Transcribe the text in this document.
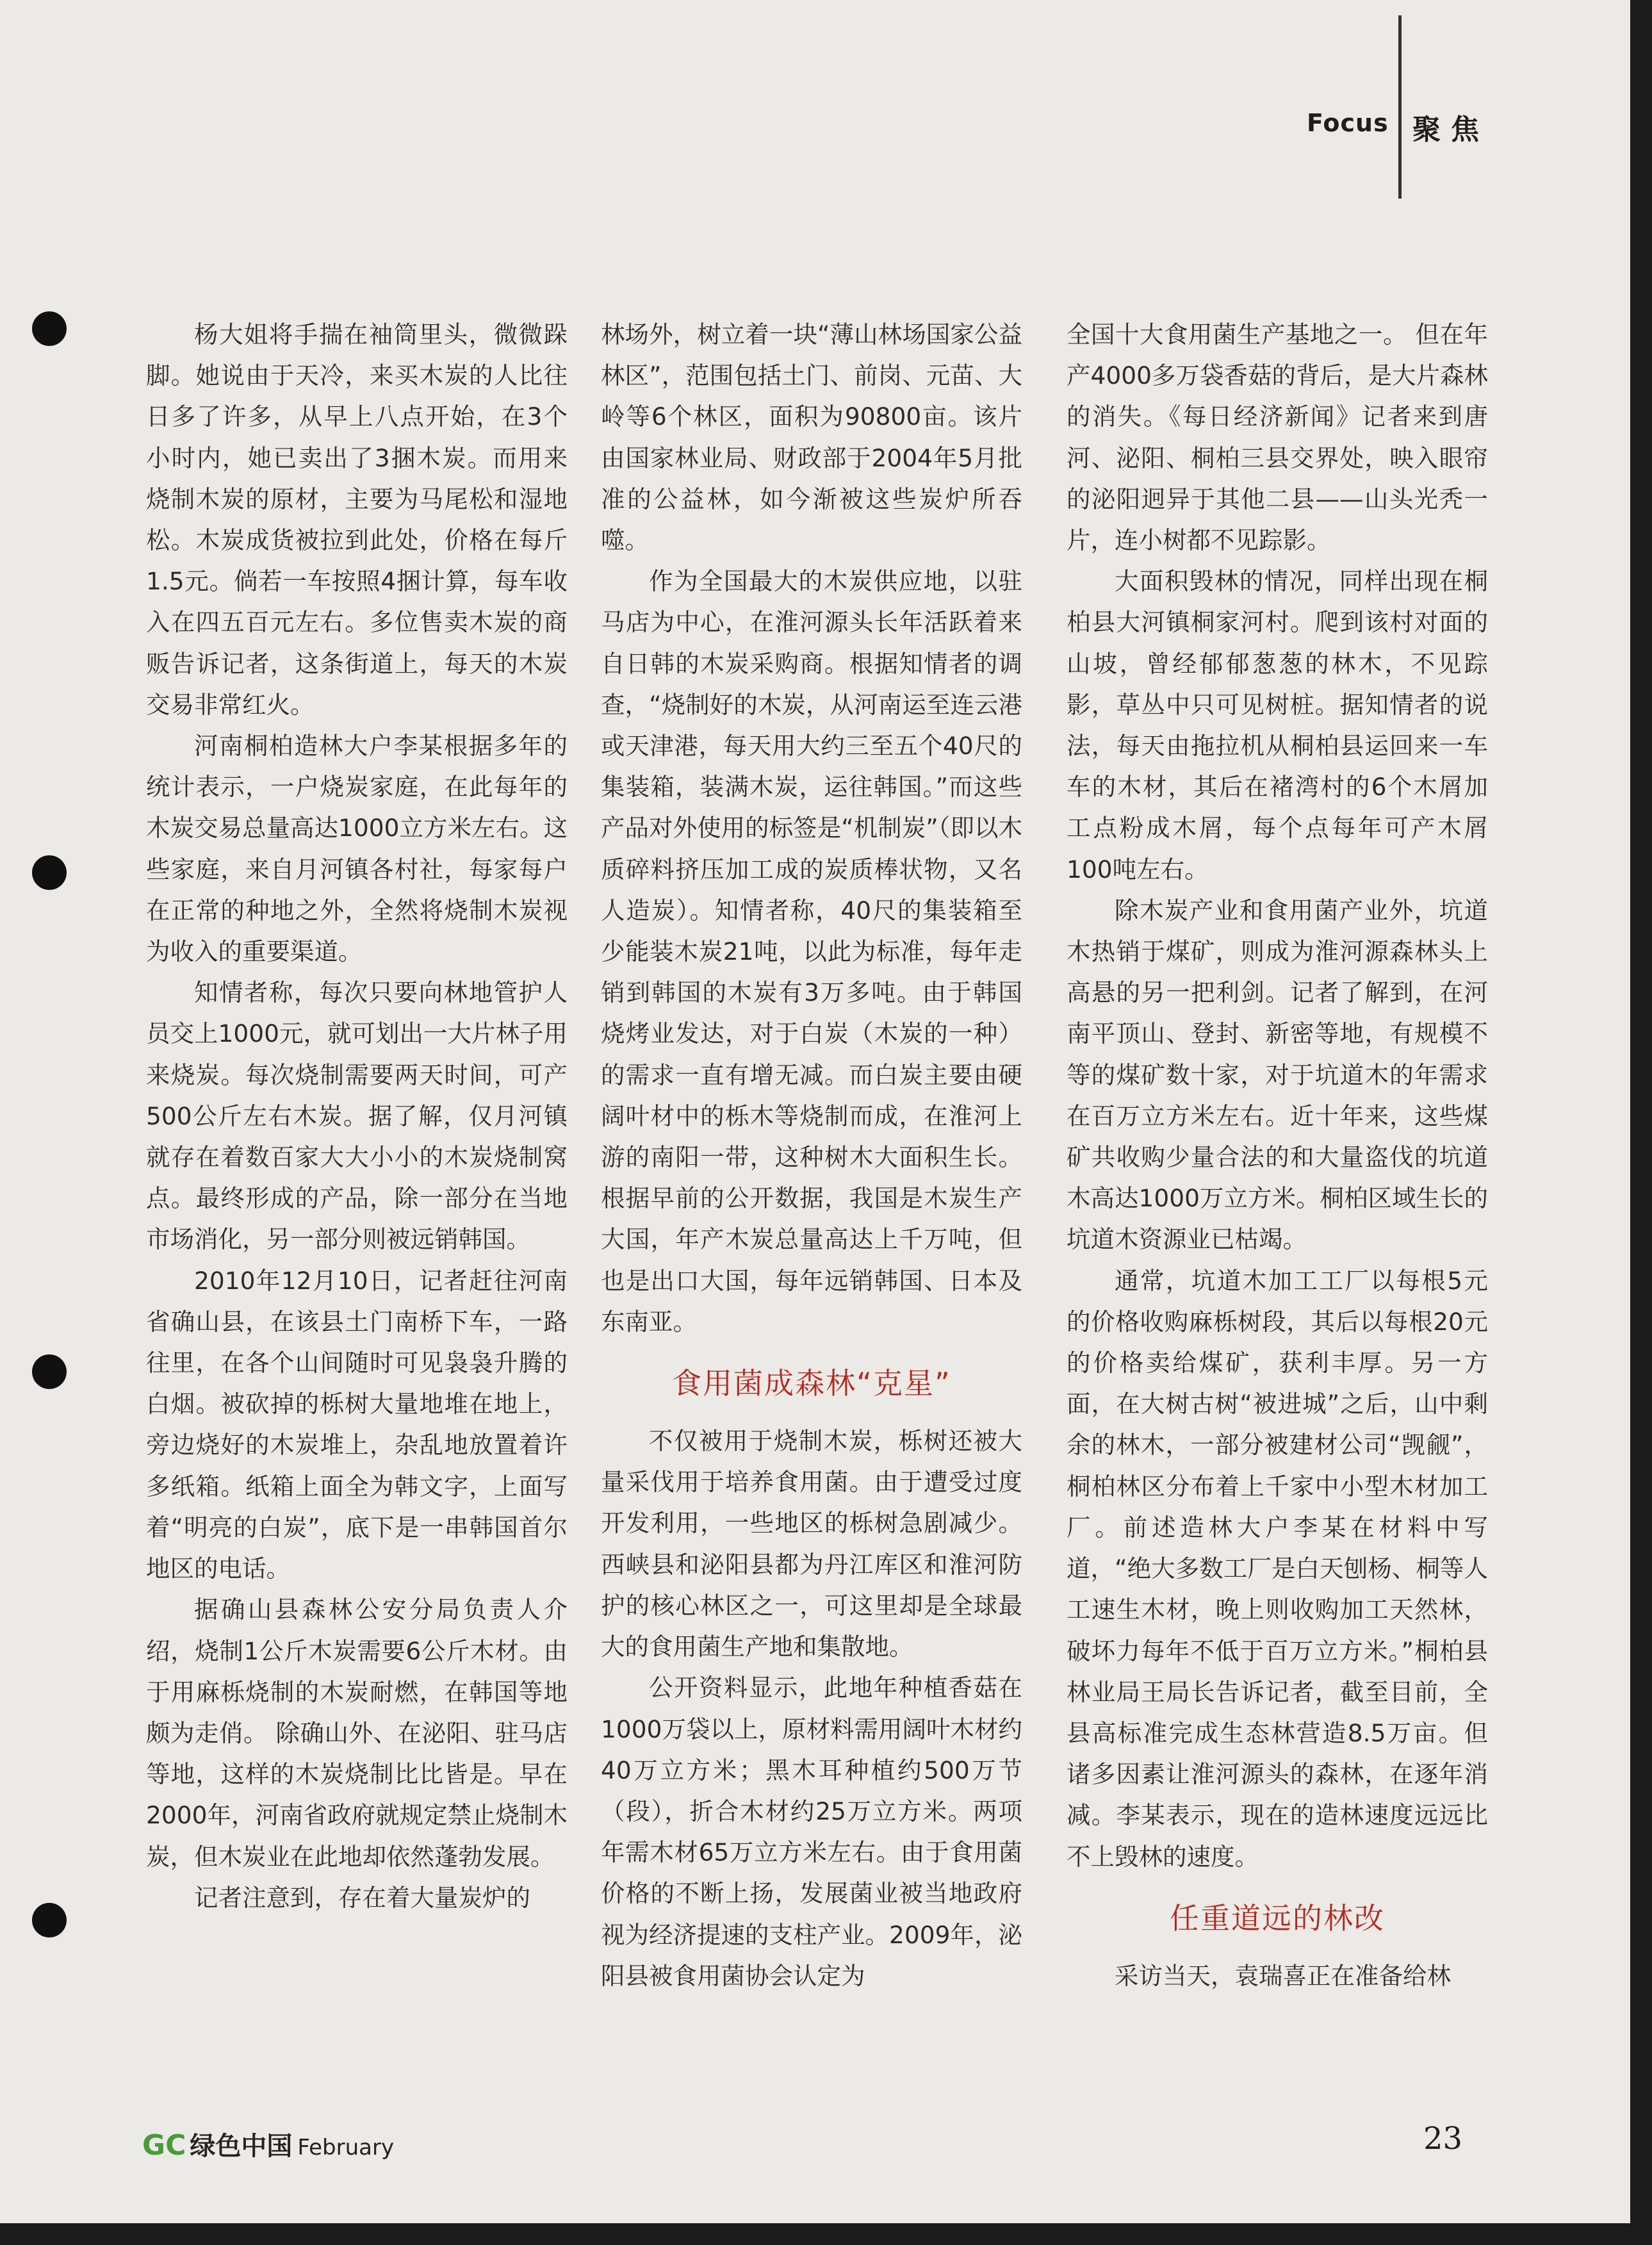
Focus 聚焦

杨大姐将手揣在袖筒里头，微微跺脚。她说由于天冷，来买木炭的人比往日多了许多，从早上八点开始，在3个小时内，她已卖出了3捆木炭。而用来烧制木炭的原材，主要为马尾松和湿地松。木炭成货被拉到此处，价格在每斤1.5元。倘若一车按照4捆计算，每车收入在四五百元左右。多位售卖木炭的商贩告诉记者，这条街道上，每天的木炭交易非常红火。

河南桐柏造林大户李某根据多年的统计表示，一户烧炭家庭，在此每年的木炭交易总量高达1000立方米左右。这些家庭，来自月河镇各村社，每家每户在正常的种地之外，全然将烧制木炭视为收入的重要渠道。

知情者称，每次只要向林地管护人员交上1000元，就可划出一大片林子用来烧炭。每次烧制需要两天时间，可产500公斤左右木炭。据了解，仅月河镇就存在着数百家大大小小的木炭烧制窝点。最终形成的产品，除一部分在当地市场消化，另一部分则被远销韩国。

2010年12月10日，记者赶往河南省确山县，在该县土门南桥下车，一路往里，在各个山间随时可见袅袅升腾的白烟。被砍掉的栎树大量地堆在地上，旁边烧好的木炭堆上，杂乱地放置着许多纸箱。纸箱上面全为韩文字，上面写着“明亮的白炭”，底下是一串韩国首尔地区的电话。

据确山县森林公安分局负责人介绍，烧制1公斤木炭需要6公斤木材。由于用麻栎烧制的木炭耐燃，在韩国等地颇为走俏。 除确山外、在泌阳、驻马店等地，这样的木炭烧制比比皆是。早在2000年，河南省政府就规定禁止烧制木炭，但木炭业在此地却依然蓬勃发展。

记者注意到，存在着大量炭炉的

林场外，树立着一块“薄山林场国家公益林区”，范围包括土门、前岗、元苗、大岭等6个林区，面积为90800亩。该片由国家林业局、财政部于2004年5月批准的公益林，如今渐被这些炭炉所吞噬。

作为全国最大的木炭供应地，以驻马店为中心，在淮河源头长年活跃着来自日韩的木炭采购商。根据知情者的调查，“烧制好的木炭，从河南运至连云港或天津港，每天用大约三至五个40尺的集装箱，装满木炭，运往韩国。”而这些产品对外使用的标签是“机制炭”（即以木质碎料挤压加工成的炭质棒状物，又名人造炭）。知情者称，40尺的集装箱至少能装木炭21吨，以此为标准，每年走销到韩国的木炭有3万多吨。由于韩国烧烤业发达，对于白炭（木炭的一种）的需求一直有增无减。而白炭主要由硬阔叶材中的栎木等烧制而成，在淮河上游的南阳一带，这种树木大面积生长。根据早前的公开数据，我国是木炭生产大国，年产木炭总量高达上千万吨，但也是出口大国，每年远销韩国、日本及东南亚。

食用菌成森林“克星”

不仅被用于烧制木炭，栎树还被大量采伐用于培养食用菌。由于遭受过度开发利用，一些地区的栎树急剧减少。西峡县和泌阳县都为丹江库区和淮河防护的核心林区之一，可这里却是全球最大的食用菌生产地和集散地。

公开资料显示，此地年种植香菇在1000万袋以上，原材料需用阔叶木材约40万立方米；黑木耳种植约500万节（段），折合木材约25万立方米。两项年需木材65万立方米左右。由于食用菌价格的不断上扬，发展菌业被当地政府视为经济提速的支柱产业。2009年，泌阳县被食用菌协会认定为

全国十大食用菌生产基地之一。 但在年产4000多万袋香菇的背后，是大片森林的消失。《每日经济新闻》记者来到唐河、泌阳、桐柏三县交界处，映入眼帘的泌阳迥异于其他二县——山头光秃一片，连小树都不见踪影。

大面积毁林的情况，同样出现在桐柏县大河镇桐家河村。爬到该村对面的山坡，曾经郁郁葱葱的林木，不见踪影，草丛中只可见树桩。据知情者的说法，每天由拖拉机从桐柏县运回来一车车的木材，其后在褚湾村的6个木屑加工点粉成木屑，每个点每年可产木屑100吨左右。

除木炭产业和食用菌产业外，坑道木热销于煤矿，则成为淮河源森林头上高悬的另一把利剑。记者了解到，在河南平顶山、登封、新密等地，有规模不等的煤矿数十家，对于坑道木的年需求在百万立方米左右。近十年来，这些煤矿共收购少量合法的和大量盗伐的坑道木高达1000万立方米。桐柏区域生长的坑道木资源业已枯竭。

通常，坑道木加工工厂以每根5元的价格收购麻栎树段，其后以每根20元的价格卖给煤矿，获利丰厚。另一方面，在大树古树“被进城”之后，山中剩余的林木，一部分被建材公司“觊觎”，桐柏林区分布着上千家中小型木材加工厂。前述造林大户李某在材料中写道，“绝大多数工厂是白天刨杨、桐等人工速生木材，晚上则收购加工天然林，破坏力每年不低于百万立方米。”桐柏县林业局王局长告诉记者，截至目前，全县高标准完成生态林营造8.5万亩。但诸多因素让淮河源头的森林，在逐年消减。李某表示，现在的造林速度远远比不上毁林的速度。

任重道远的林改

采访当天，袁瑞喜正在准备给林

GC 绿色中国 February	23
